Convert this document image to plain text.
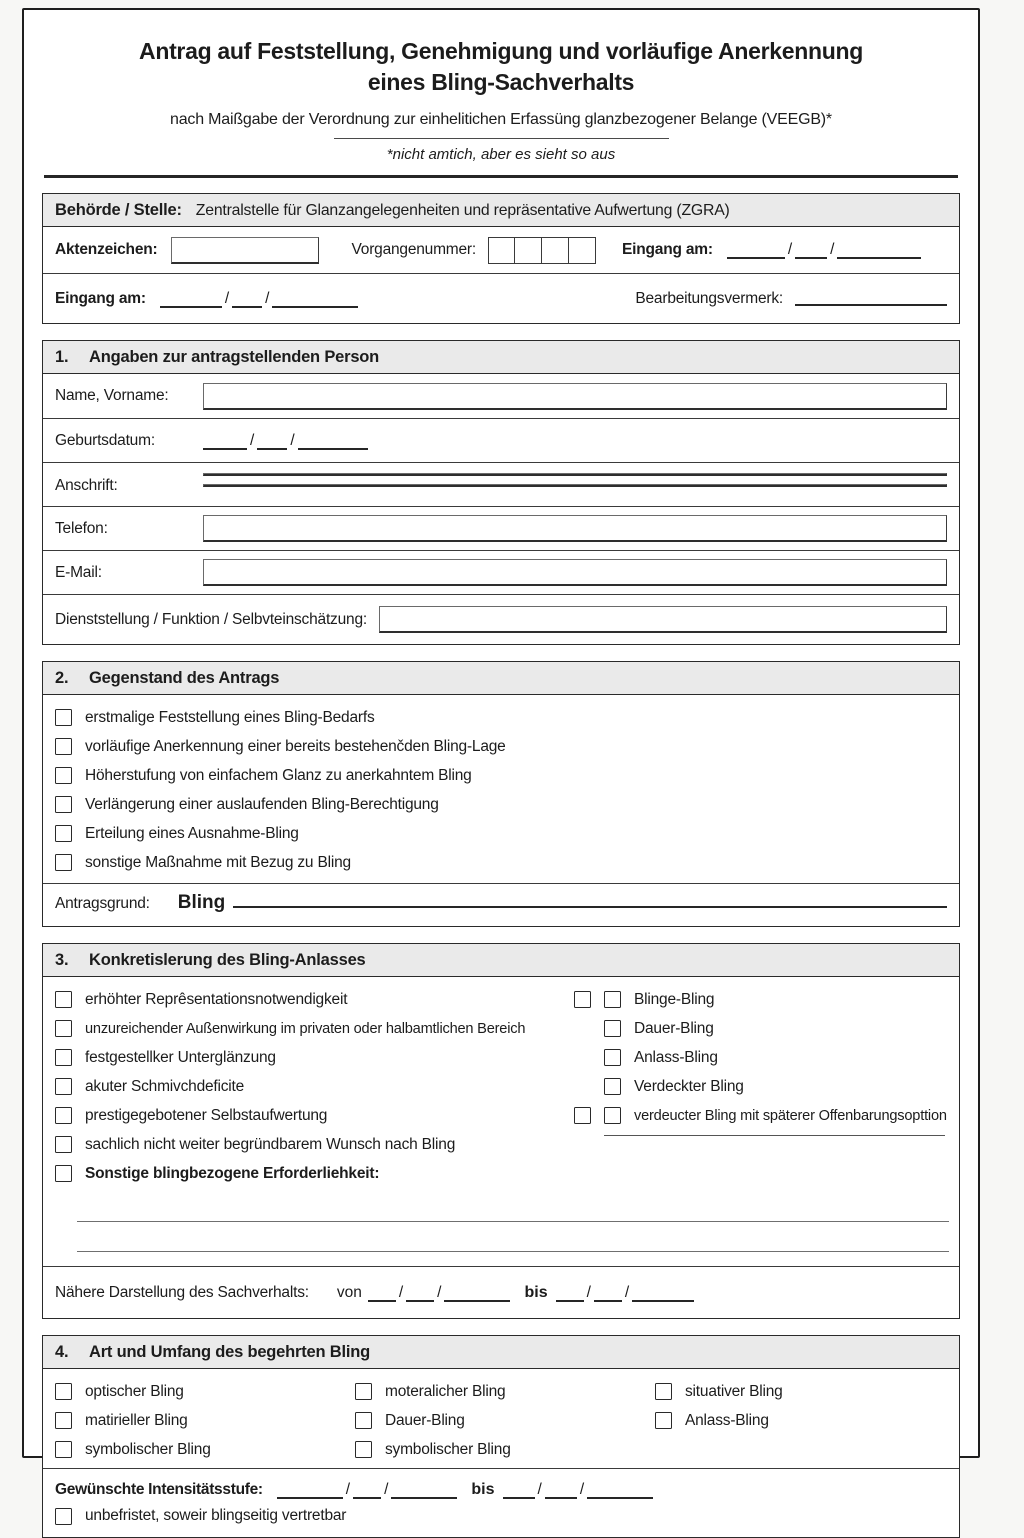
Antrag auf Feststellung, Genehmigung und vorläufige Anerkennung
eines Bling-Sachverhalts
nach Maißgabe der Verordnung zur einhelitichen Erfassüng glanzbezogener Belange (VEEGB)*
*nicht amtich, aber es sieht so aus
Behörde / Stelle: Zentralstelle für Glanzangelegenheiten und repräsentative Aufwertung (ZGRA)
Aktenzeichen:	Vorgangenummer:	Eingang am:	/ /
Eingang am:	/ /	Bearbeitungsvermerk:
1.	Angaben zur antragstellenden Person
Name, Vorname:
Geburtsdatum:	/ /
Anschrift:
Telefon:
E-Mail:
Dienststellung / Funktion / Selbvteinschätzung:
2.	Gegenstand des Antrags
erstmalige Feststellung eines Bling-Bedarfs
vorläufige Anerkennung einer bereits bestehenčden Bling-Lage
Höherstufung von einfachem Glanz zu anerkahntem Bling
Verlängerung einer auslaufenden Bling-Berechtigung
Erteilung eines Ausnahme-Bling
sonstige Maßnahme mit Bezug zu Bling
Antragsgrund:	Bling
3.	Konkretislerung des Bling-Anlasses
erhöhter Reprêsentationsnotwendigkeit
unzureichender Außenwirkung im privaten oder halbamtlichen Bereich
festgestellker Unterglänzung
akuter Schmivchdeficite
prestigegebotener Selbstaufwertung
sachlich nicht weiter begründbarem Wunsch nach Bling
Sonstige blingbezogene Erforderliehkeit:
Blinge-Bling
Dauer-Bling
Anlass-Bling
Verdeckter Bling
verdeucter Bling mit späterer Offenbarungsopttion
Nähere Darstellung des Sachverhalts: von	/ /	bis	/ /
4.	Art und Umfang des begehrten Bling
optischer Bling
matirieller Bling
symbolischer Bling
moteralicher Bling
Dauer-Bling
symbolischer Bling
situativer Bling
Anlass-Bling
Gewünschte Intensitätsstufe:	/ /	bis	/ /
unbefristet, soweir blingseitig vertretbar
